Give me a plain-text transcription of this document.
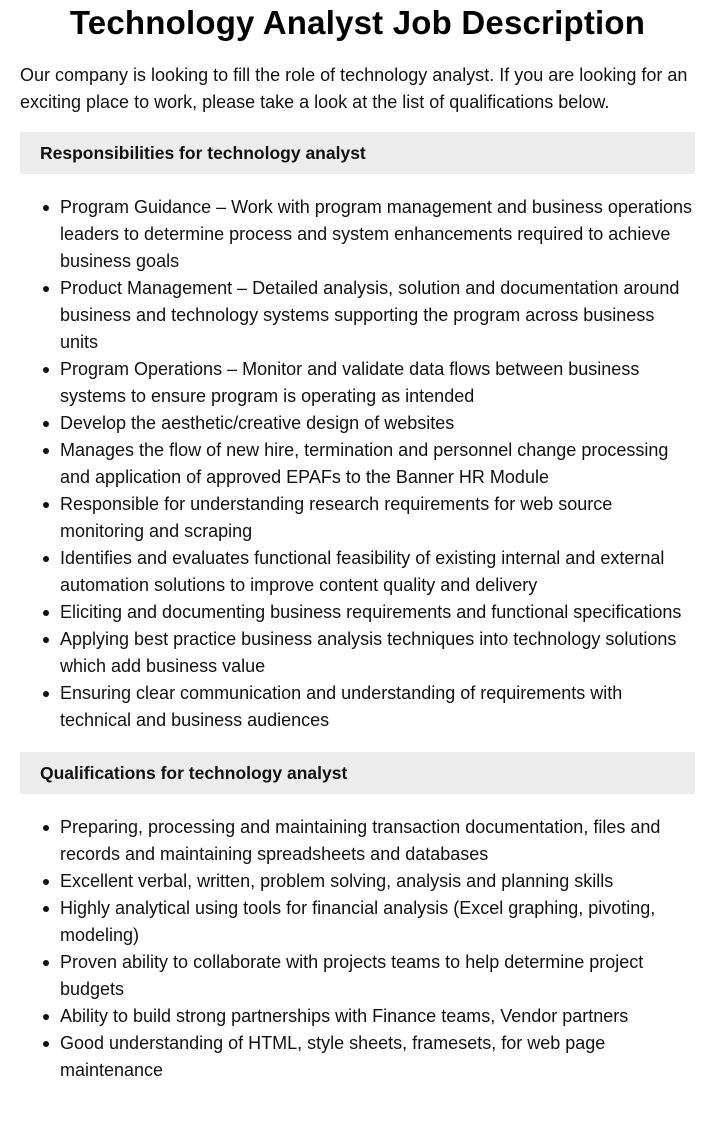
Technology Analyst Job Description

Our company is looking to fill the role of technology analyst. If you are looking for an exciting place to work, please take a look at the list of qualifications below.

Responsibilities for technology analyst
Program Guidance – Work with program management and business operations leaders to determine process and system enhancements required to achieve business goals
Product Management – Detailed analysis, solution and documentation around business and technology systems supporting the program across business units
Program Operations – Monitor and validate data flows between business systems to ensure program is operating as intended
Develop the aesthetic/creative design of websites
Manages the flow of new hire, termination and personnel change processing and application of approved EPAFs to the Banner HR Module
Responsible for understanding research requirements for web source monitoring and scraping
Identifies and evaluates functional feasibility of existing internal and external automation solutions to improve content quality and delivery
Eliciting and documenting business requirements and functional specifications
Applying best practice business analysis techniques into technology solutions which add business value
Ensuring clear communication and understanding of requirements with technical and business audiences
Qualifications for technology analyst
Preparing, processing and maintaining transaction documentation, files and records and maintaining spreadsheets and databases
Excellent verbal, written, problem solving, analysis and planning skills
Highly analytical using tools for financial analysis (Excel graphing, pivoting, modeling)
Proven ability to collaborate with projects teams to help determine project budgets
Ability to build strong partnerships with Finance teams, Vendor partners
Good understanding of HTML, style sheets, framesets, for web page maintenance
